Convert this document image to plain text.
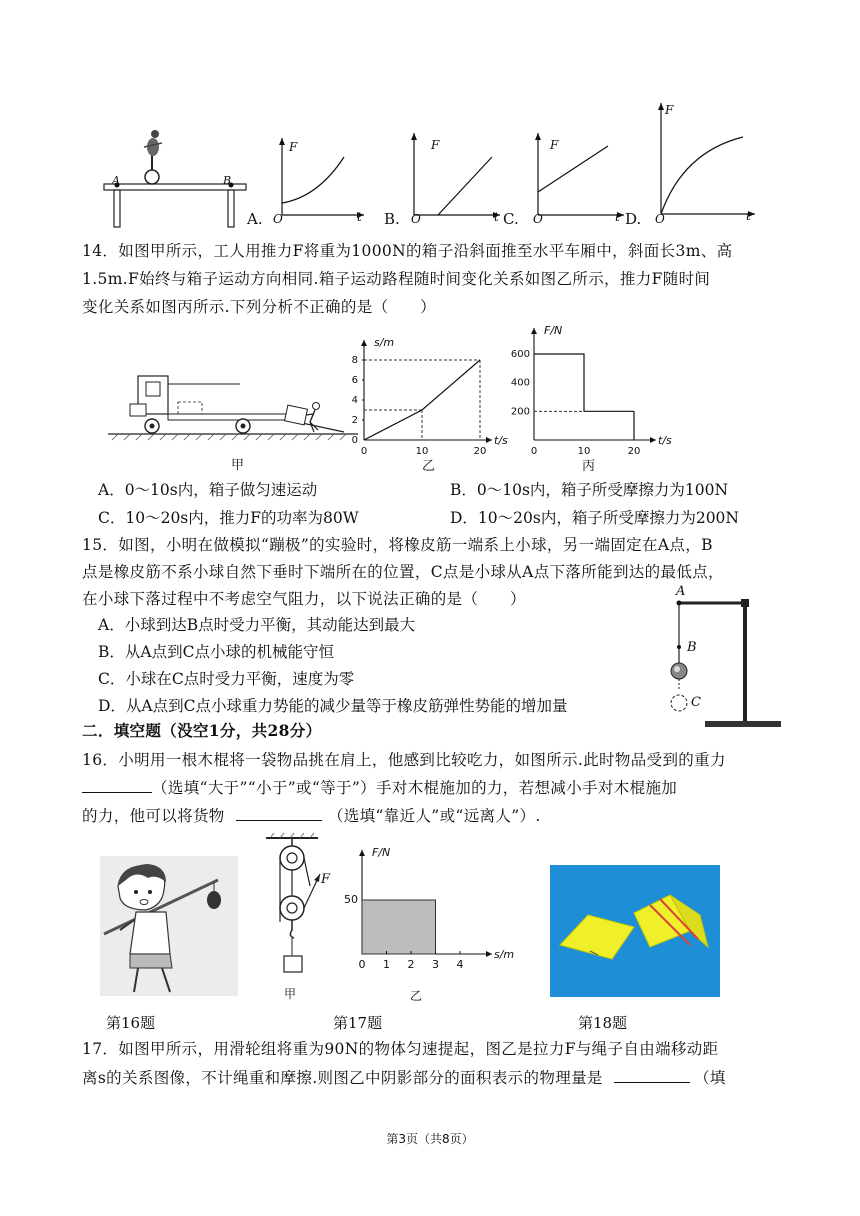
A	B
A.
F
O	t B.
F
O	t C.
F
O	t D.
F
O	t
14．如图甲所示，工人用推力F将重为1000N的箱子沿斜面推至水平车厢中，斜面长3m、高
1.5m.F始终与箱子运动方向相同.箱子运动路程随时间变化关系如图乙所示，推力F随时间
变化关系如图丙所示.下列分析不正确的是（　　）
甲
s/m
t/s
0
2
4
6
8
0	10	20
F/N
t/s
200
400
600
0	10	20
乙	丙
A．0～10s内，箱子做匀速运动	B．0～10s内，箱子所受摩擦力为100N
C．10～20s内，推力F的功率为80W	D．10～20s内，箱子所受摩擦力为200N
15．如图，小明在做模拟“蹦极”的实验时，将橡皮筋一端系上小球，另一端固定在A点，B
点是橡皮筋不系小球自然下垂时下端所在的位置，C点是小球从A点下落所能到达的最低点，
在小球下落过程中不考虑空气阻力，以下说法正确的是（　　）
A．小球到达B点时受力平衡，其动能达到最大
B．从A点到C点小球的机械能守恒
C．小球在C点时受力平衡，速度为零
D．从A点到C点小球重力势能的减少量等于橡皮筋弹性势能的增加量
A
B
C
二．填空题（没空1分，共28分）
16．小明用一根木棍将一袋物品挑在肩上，他感到比较吃力，如图所示.此时物品受到的重力
（选填“大于”“小于”或“等于”）手对木棍施加的力，若想减小手对木棍施加
的力，他可以将货物	（选填“靠近人”或“远离人”）.
F
甲
F/N
s/m
50
0 1 2 3 4
乙
第16题	第17题	第18题
17．如图甲所示，用滑轮组将重为90N的物体匀速提起，图乙是拉力F与绳子自由端移动距
离s的关系图像，不计绳重和摩擦.则图乙中阴影部分的面积表示的物理量是	（填
第3页（共8页）
